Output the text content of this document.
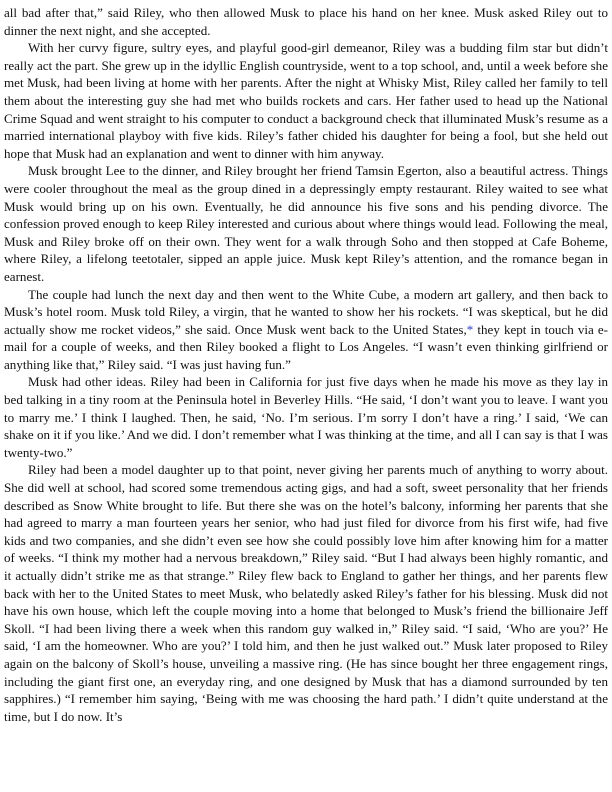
all bad after that,” said Riley, who then allowed Musk to place his hand on her knee. Musk asked Riley out to dinner the next night, and she accepted.

With her curvy figure, sultry eyes, and playful good-girl demeanor, Riley was a budding film star but didn’t really act the part. She grew up in the idyllic English countryside, went to a top school, and, until a week before she met Musk, had been living at home with her parents. After the night at Whisky Mist, Riley called her family to tell them about the interesting guy she had met who builds rockets and cars. Her father used to head up the National Crime Squad and went straight to his computer to conduct a background check that illuminated Musk’s resume as a married international playboy with five kids. Riley’s father chided his daughter for being a fool, but she held out hope that Musk had an explanation and went to dinner with him anyway.

Musk brought Lee to the dinner, and Riley brought her friend Tamsin Egerton, also a beautiful actress. Things were cooler throughout the meal as the group dined in a depressingly empty restaurant. Riley waited to see what Musk would bring up on his own. Eventually, he did announce his five sons and his pending divorce. The confession proved enough to keep Riley interested and curious about where things would lead. Following the meal, Musk and Riley broke off on their own. They went for a walk through Soho and then stopped at Cafe Boheme, where Riley, a lifelong teetotaler, sipped an apple juice. Musk kept Riley’s attention, and the romance began in earnest.

The couple had lunch the next day and then went to the White Cube, a modern art gallery, and then back to Musk’s hotel room. Musk told Riley, a virgin, that he wanted to show her his rockets. “I was skeptical, but he did actually show me rocket videos,” she said. Once Musk went back to the United States,* they kept in touch via e-mail for a couple of weeks, and then Riley booked a flight to Los Angeles. “I wasn’t even thinking girlfriend or anything like that,” Riley said. “I was just having fun.”

Musk had other ideas. Riley had been in California for just five days when he made his move as they lay in bed talking in a tiny room at the Peninsula hotel in Beverley Hills. “He said, ‘I don’t want you to leave. I want you to marry me.’ I think I laughed. Then, he said, ‘No. I’m serious. I’m sorry I don’t have a ring.’ I said, ‘We can shake on it if you like.’ And we did. I don’t remember what I was thinking at the time, and all I can say is that I was twenty-two.”

Riley had been a model daughter up to that point, never giving her parents much of anything to worry about. She did well at school, had scored some tremendous acting gigs, and had a soft, sweet personality that her friends described as Snow White brought to life. But there she was on the hotel’s balcony, informing her parents that she had agreed to marry a man fourteen years her senior, who had just filed for divorce from his first wife, had five kids and two companies, and she didn’t even see how she could possibly love him after knowing him for a matter of weeks. “I think my mother had a nervous breakdown,” Riley said. “But I had always been highly romantic, and it actually didn’t strike me as that strange.” Riley flew back to England to gather her things, and her parents flew back with her to the United States to meet Musk, who belatedly asked Riley’s father for his blessing. Musk did not have his own house, which left the couple moving into a home that belonged to Musk’s friend the billionaire Jeff Skoll. “I had been living there a week when this random guy walked in,” Riley said. “I said, ‘Who are you?’ He said, ‘I am the homeowner. Who are you?’ I told him, and then he just walked out.” Musk later proposed to Riley again on the balcony of Skoll’s house, unveiling a massive ring. (He has since bought her three engagement rings, including the giant first one, an everyday ring, and one designed by Musk that has a diamond surrounded by ten sapphires.) “I remember him saying, ‘Being with me was choosing the hard path.’ I didn’t quite understand at the time, but I do now. It’s
